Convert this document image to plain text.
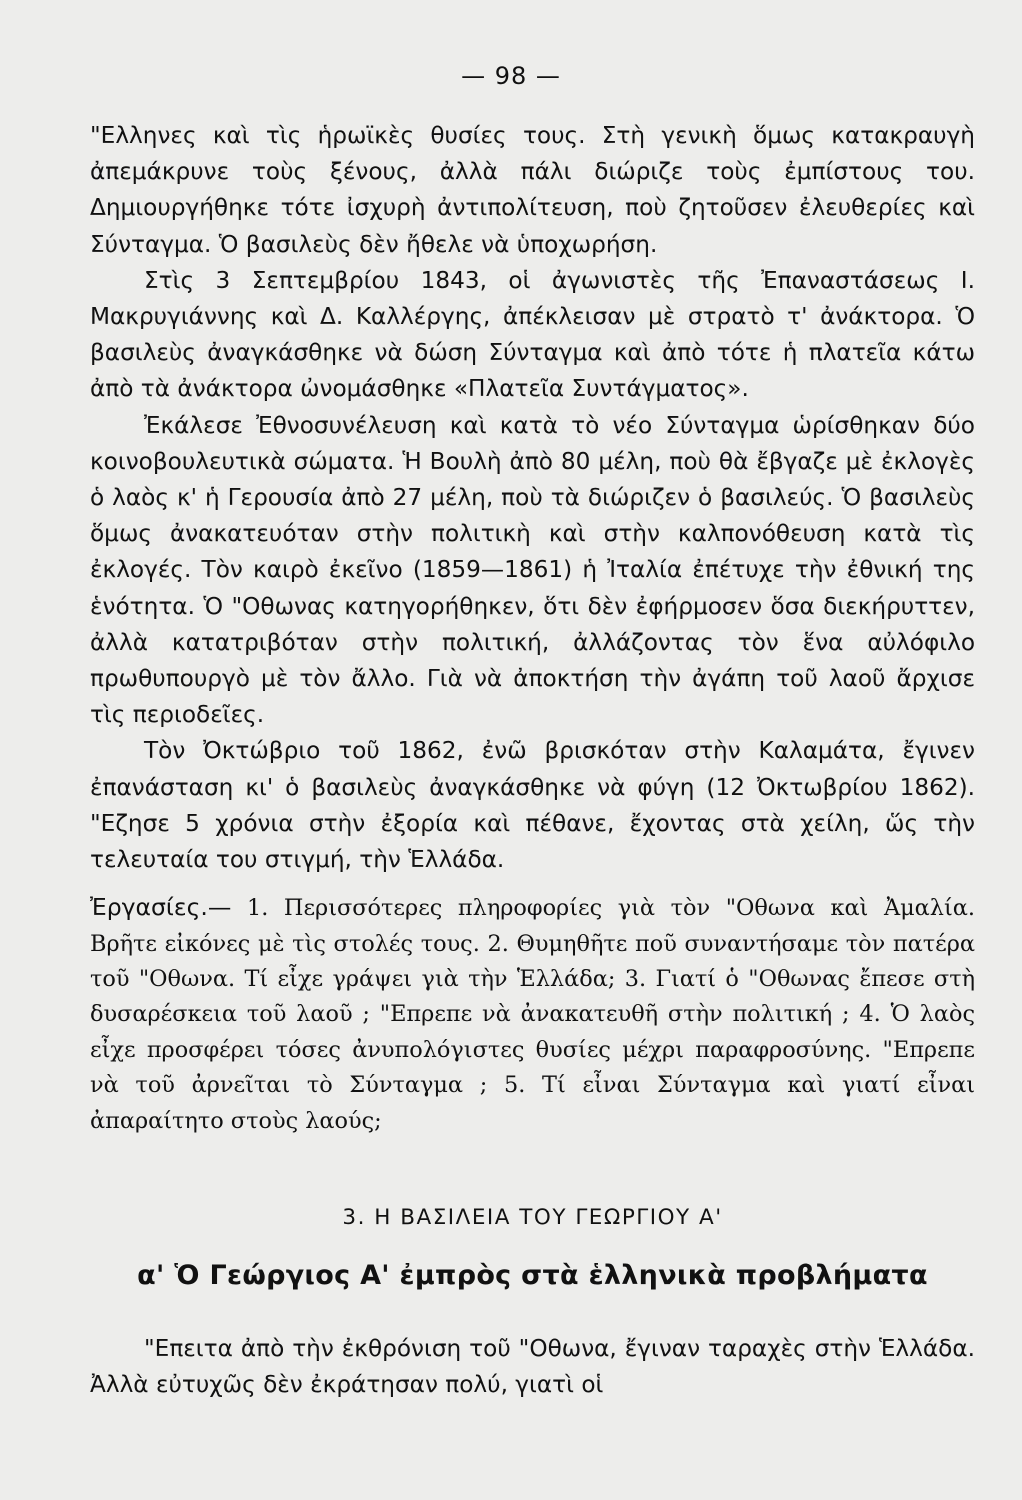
— 98 —

"Ελληνες καὶ τὶς ἡρωϊκὲς θυσίες τους. Στὴ γενικὴ ὅμως κατακραυγὴ ἀπεμάκρυνε τοὺς ξένους, ἀλλὰ πάλι διώριζε τοὺς ἐμπίστους του. Δημιουργήθηκε τότε ἰσχυρὴ ἀντιπολίτευση, ποὺ ζητοῦσεν ἐλευθερίες καὶ Σύνταγμα. Ὁ βασιλεὺς δὲν ἤθελε νὰ ὑποχωρήση.

Στὶς 3 Σεπτεμβρίου 1843, οἱ ἀγωνιστὲς τῆς Ἐπαναστάσεως Ι. Μακρυγιάννης καὶ Δ. Καλλέργης, ἀπέκλεισαν μὲ στρατὸ τ' ἀνάκτορα. Ὁ βασιλεὺς ἀναγκάσθηκε νὰ δώση Σύνταγμα καὶ ἀπὸ τότε ἡ πλατεῖα κάτω ἀπὸ τὰ ἀνάκτορα ὠνομάσθηκε «Πλατεῖα Συντάγματος».

Ἐκάλεσε Ἐθνοσυνέλευση καὶ κατὰ τὸ νέο Σύνταγμα ὡρίσθηκαν δύο κοινοβουλευτικὰ σώματα. Ἡ Βουλὴ ἀπὸ 80 μέλη, ποὺ θὰ ἔβγαζε μὲ ἐκλογὲς ὁ λαὸς κ' ἡ Γερουσία ἀπὸ 27 μέλη, ποὺ τὰ διώριζεν ὁ βασιλεύς. Ὁ βασιλεὺς ὅμως ἀνακατευόταν στὴν πολιτικὴ καὶ στὴν καλπονόθευση κατὰ τὶς ἐκλογές. Τὸν καιρὸ ἐκεῖνο (1859—1861) ἡ Ἰταλία ἐπέτυχε τὴν ἐθνική της ἑνότητα. Ὁ "Οθωνας κατηγορήθηκεν, ὅτι δὲν ἐφήρμοσεν ὅσα διεκήρυττεν, ἀλλὰ κατατριβόταν στὴν πολιτική, ἀλλάζοντας τὸν ἕνα αὐλόφιλο πρωθυπουργὸ μὲ τὸν ἄλλο. Γιὰ νὰ ἀποκτήση τὴν ἀγάπη τοῦ λαοῦ ἄρχισε τὶς περιοδεῖες.

Τὸν Ὀκτώβριο τοῦ 1862, ἐνῶ βρισκόταν στὴν Καλαμάτα, ἔγινεν ἐπανάσταση κι' ὁ βασιλεὺς ἀναγκάσθηκε νὰ φύγη (12 Ὀκτωβρίου 1862). "Εζησε 5 χρόνια στὴν ἐξορία καὶ πέθανε, ἔχοντας στὰ χείλη, ὥς τὴν τελευταία του στιγμή, τὴν Ἑλλάδα.

Ἐργασίες.— 1. Περισσότερες πληροφορίες γιὰ τὸν "Οθωνα καὶ Ἀμαλία. Βρῆτε εἰκόνες μὲ τὶς στολές τους. 2. Θυμηθῆτε ποῦ συναντήσαμε τὸν πατέρα τοῦ "Οθωνα. Τί εἶχε γράψει γιὰ τὴν Ἑλλάδα; 3. Γιατί ὁ "Οθωνας ἔπεσε στὴ δυσαρέσκεια τοῦ λαοῦ ; "Επρεπε νὰ ἀνακατευθῆ στὴν πολιτική ; 4. Ὁ λαὸς εἶχε προσφέρει τόσες ἀνυπολόγιστες θυσίες μέχρι παραφροσύνης. "Επρεπε νὰ τοῦ ἀρνεῖται τὸ Σύνταγμα ; 5. Τί εἶναι Σύνταγμα καὶ γιατί εἶναι ἀπαραίτητο στοὺς λαούς;
3. Η ΒΑΣΙΛΕΙΑ ΤΟΥ ΓΕΩΡΓΙΟΥ Α'
α' Ὁ Γεώργιος Α' ἐμπρὸς στὰ ἑλληνικὰ προβλήματα

"Επειτα ἀπὸ τὴν ἐκθρόνιση τοῦ "Οθωνα, ἔγιναν ταραχὲς στὴν Ἑλλάδα. Ἀλλὰ εὐτυχῶς δὲν ἐκράτησαν πολύ, γιατὶ οἱ
